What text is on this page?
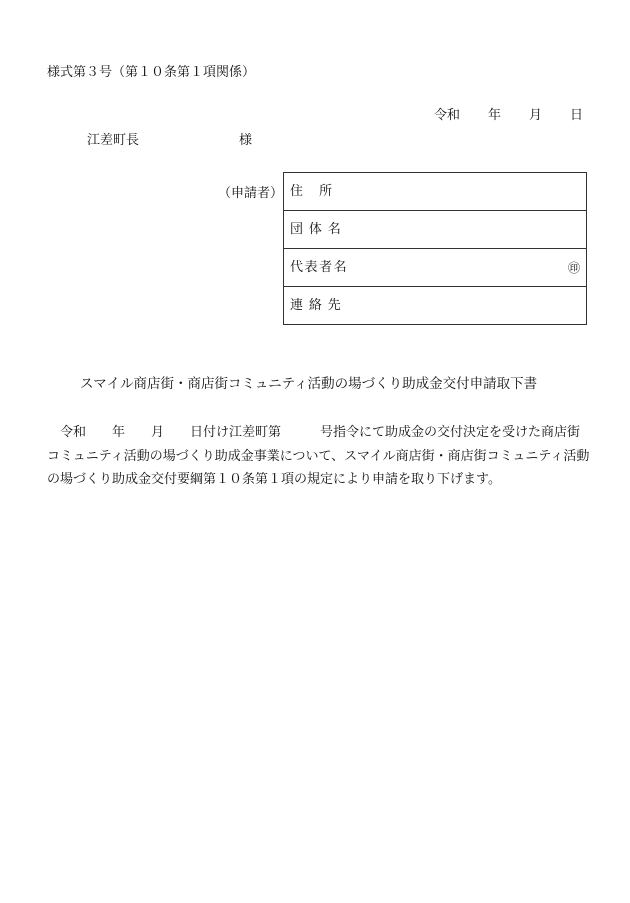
様式第３号（第１０条第１項関係）
令和 年 月 日
江差町長	様
（申請者） 住　所
団体名
代表者名	㊞
連絡先
スマイル商店街・商店街コミュニティ活動の場づくり助成金交付申請取下書
　令和　　年　　月　　日付け江差町第　　　号指令にて助成金の交付決定を受けた商店街
コミュニティ活動の場づくり助成金事業について、スマイル商店街・商店街コミュニティ活動
の場づくり助成金交付要綱第１０条第１項の規定により申請を取り下げます。
